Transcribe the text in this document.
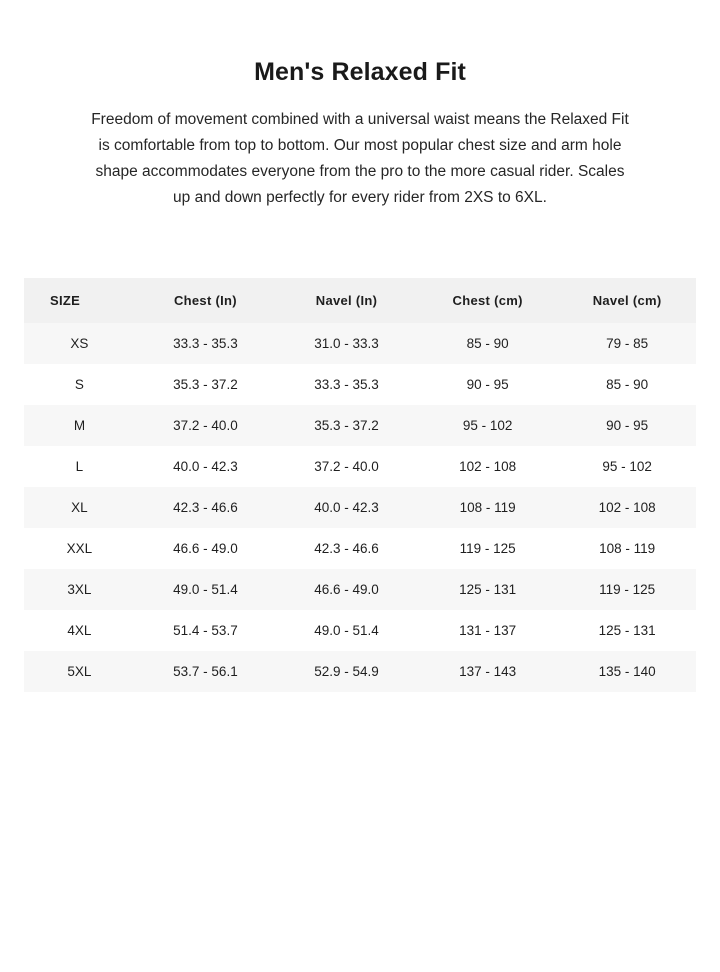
Men's Relaxed Fit

Freedom of movement combined with a universal waist means the Relaxed Fit is comfortable from top to bottom. Our most popular chest size and arm hole shape accommodates everyone from the pro to the more casual rider. Scales up and down perfectly for every rider from 2XS to 6XL.

SIZE	Chest (In)	Navel (In)	Chest (cm)	Navel (cm)
XS	33.3 - 35.3	31.0 - 33.3	85 - 90	79 - 85
S	35.3 - 37.2	33.3 - 35.3	90 - 95	85 - 90
M	37.2 - 40.0	35.3 - 37.2	95 - 102	90 - 95
L	40.0 - 42.3	37.2 - 40.0	102 - 108	95 - 102
XL	42.3 - 46.6	40.0 - 42.3	108 - 119	102 - 108
XXL	46.6 - 49.0	42.3 - 46.6	119 - 125	108 - 119
3XL	49.0 - 51.4	46.6 - 49.0	125 - 131	119 - 125
4XL	51.4 - 53.7	49.0 - 51.4	131 - 137	125 - 131
5XL	53.7 - 56.1	52.9 - 54.9	137 - 143	135 - 140
